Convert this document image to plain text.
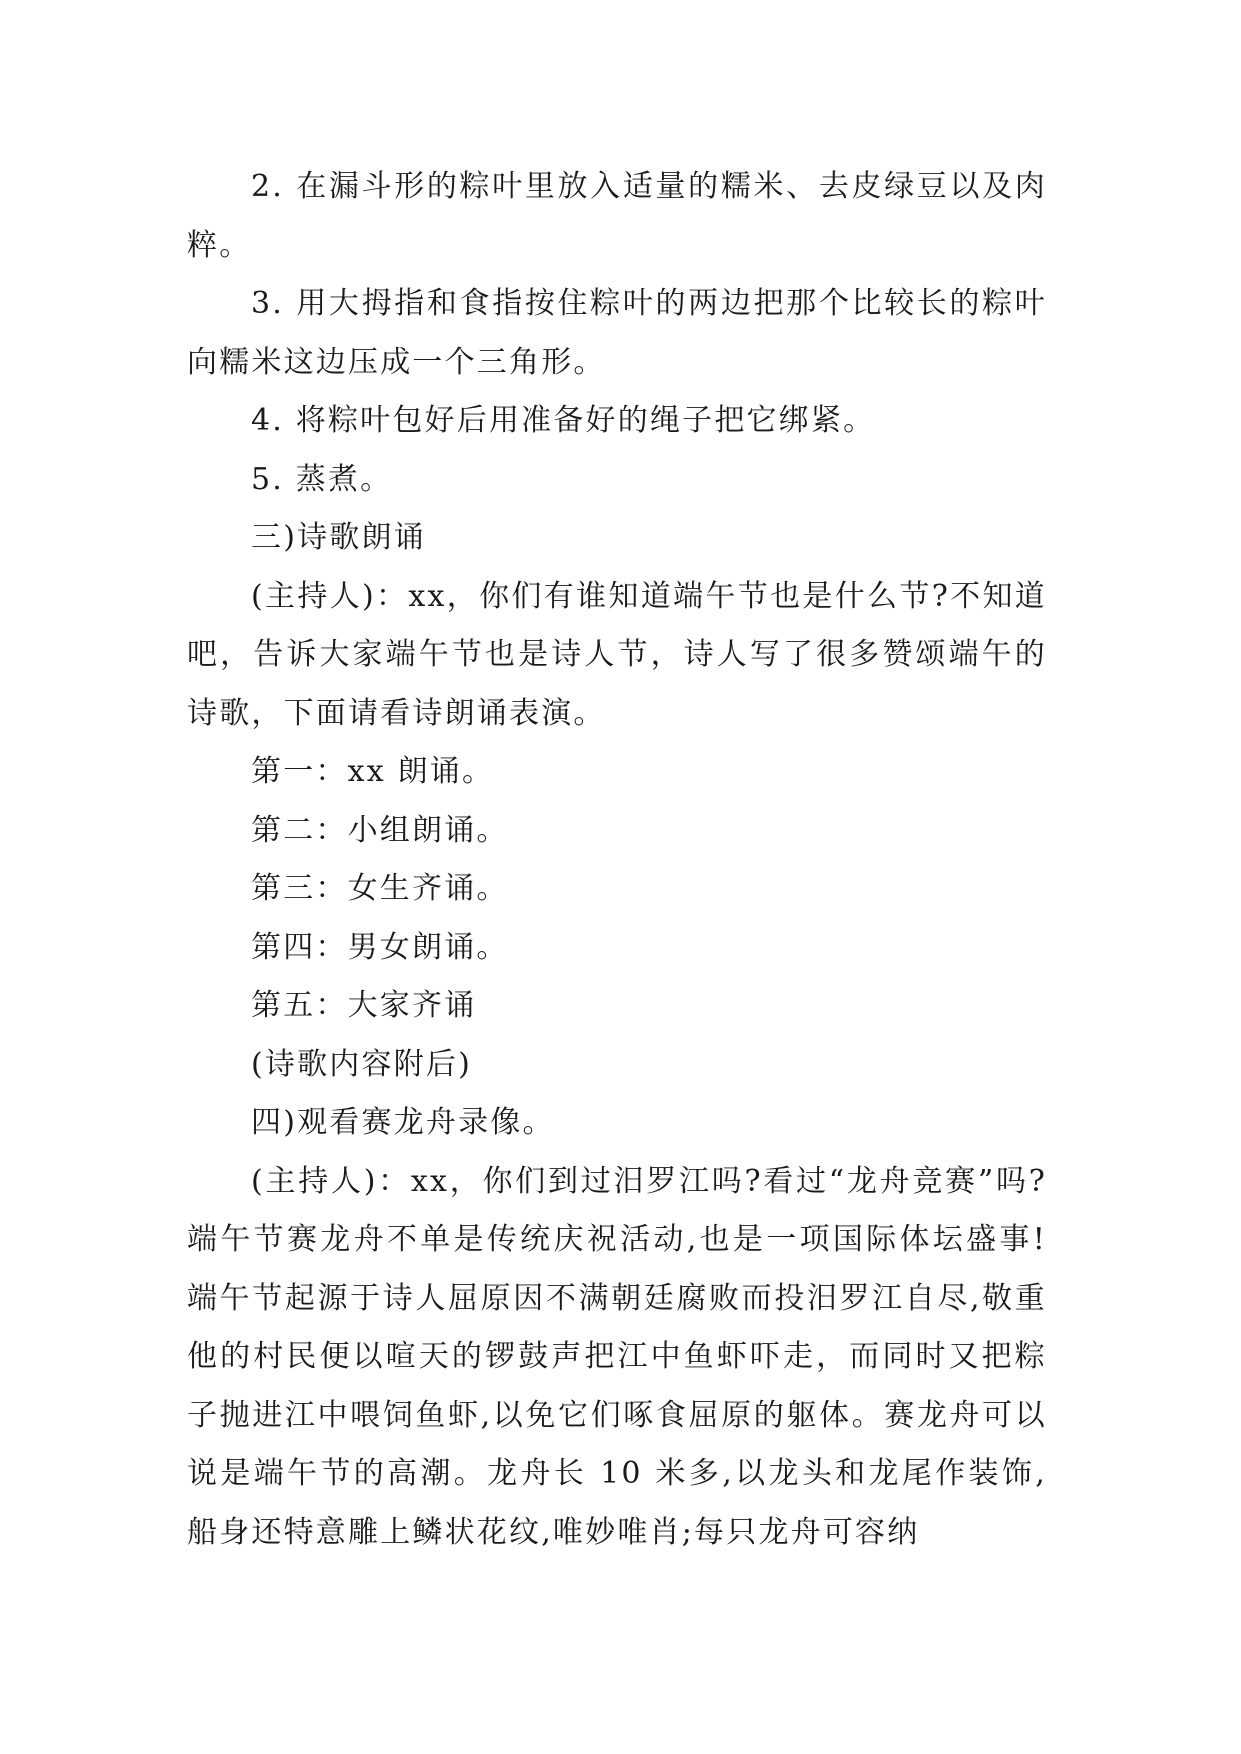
2. 在漏斗形的粽叶里放入适量的糯米、去皮绿豆以及肉粹。

3. 用大拇指和食指按住粽叶的两边把那个比较长的粽叶向糯米这边压成一个三角形。

4. 将粽叶包好后用准备好的绳子把它绑紧。

5. 蒸煮。

三)诗歌朗诵

(主持人)：xx，你们有谁知道端午节也是什么节?不知道吧，告诉大家端午节也是诗人节，诗人写了很多赞颂端午的诗歌，下面请看诗朗诵表演。

第一：xx 朗诵。

第二：小组朗诵。

第三：女生齐诵。

第四：男女朗诵。

第五：大家齐诵

(诗歌内容附后)

四)观看赛龙舟录像。

(主持人)：xx，你们到过汨罗江吗?看过“龙舟竞赛”吗?端午节赛龙舟不单是传统庆祝活动,也是一项国际体坛盛事!端午节起源于诗人屈原因不满朝廷腐败而投汨罗江自尽,敬重他的村民便以喧天的锣鼓声把江中鱼虾吓走，而同时又把粽子抛进江中喂饲鱼虾,以免它们啄食屈原的躯体。赛龙舟可以说是端午节的高潮。龙舟长 10 米多,以龙头和龙尾作装饰,船身还特意雕上鳞状花纹,唯妙唯肖;每只龙舟可容纳
